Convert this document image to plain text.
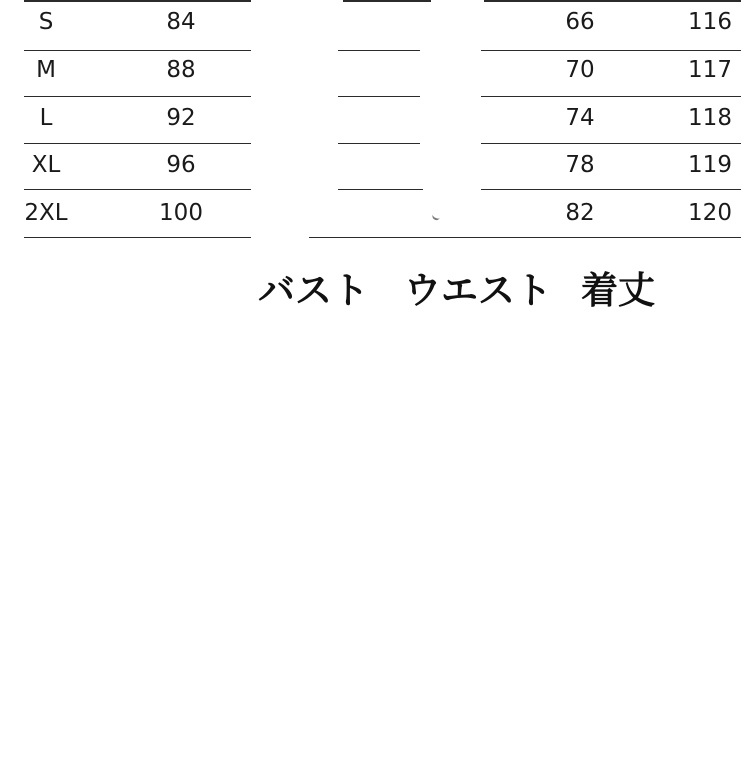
S	84	66	116
M	88	70	117
L	92	74	118
XL	96	78	119
2XL	100	82	120
バスト ウエスト 着丈
